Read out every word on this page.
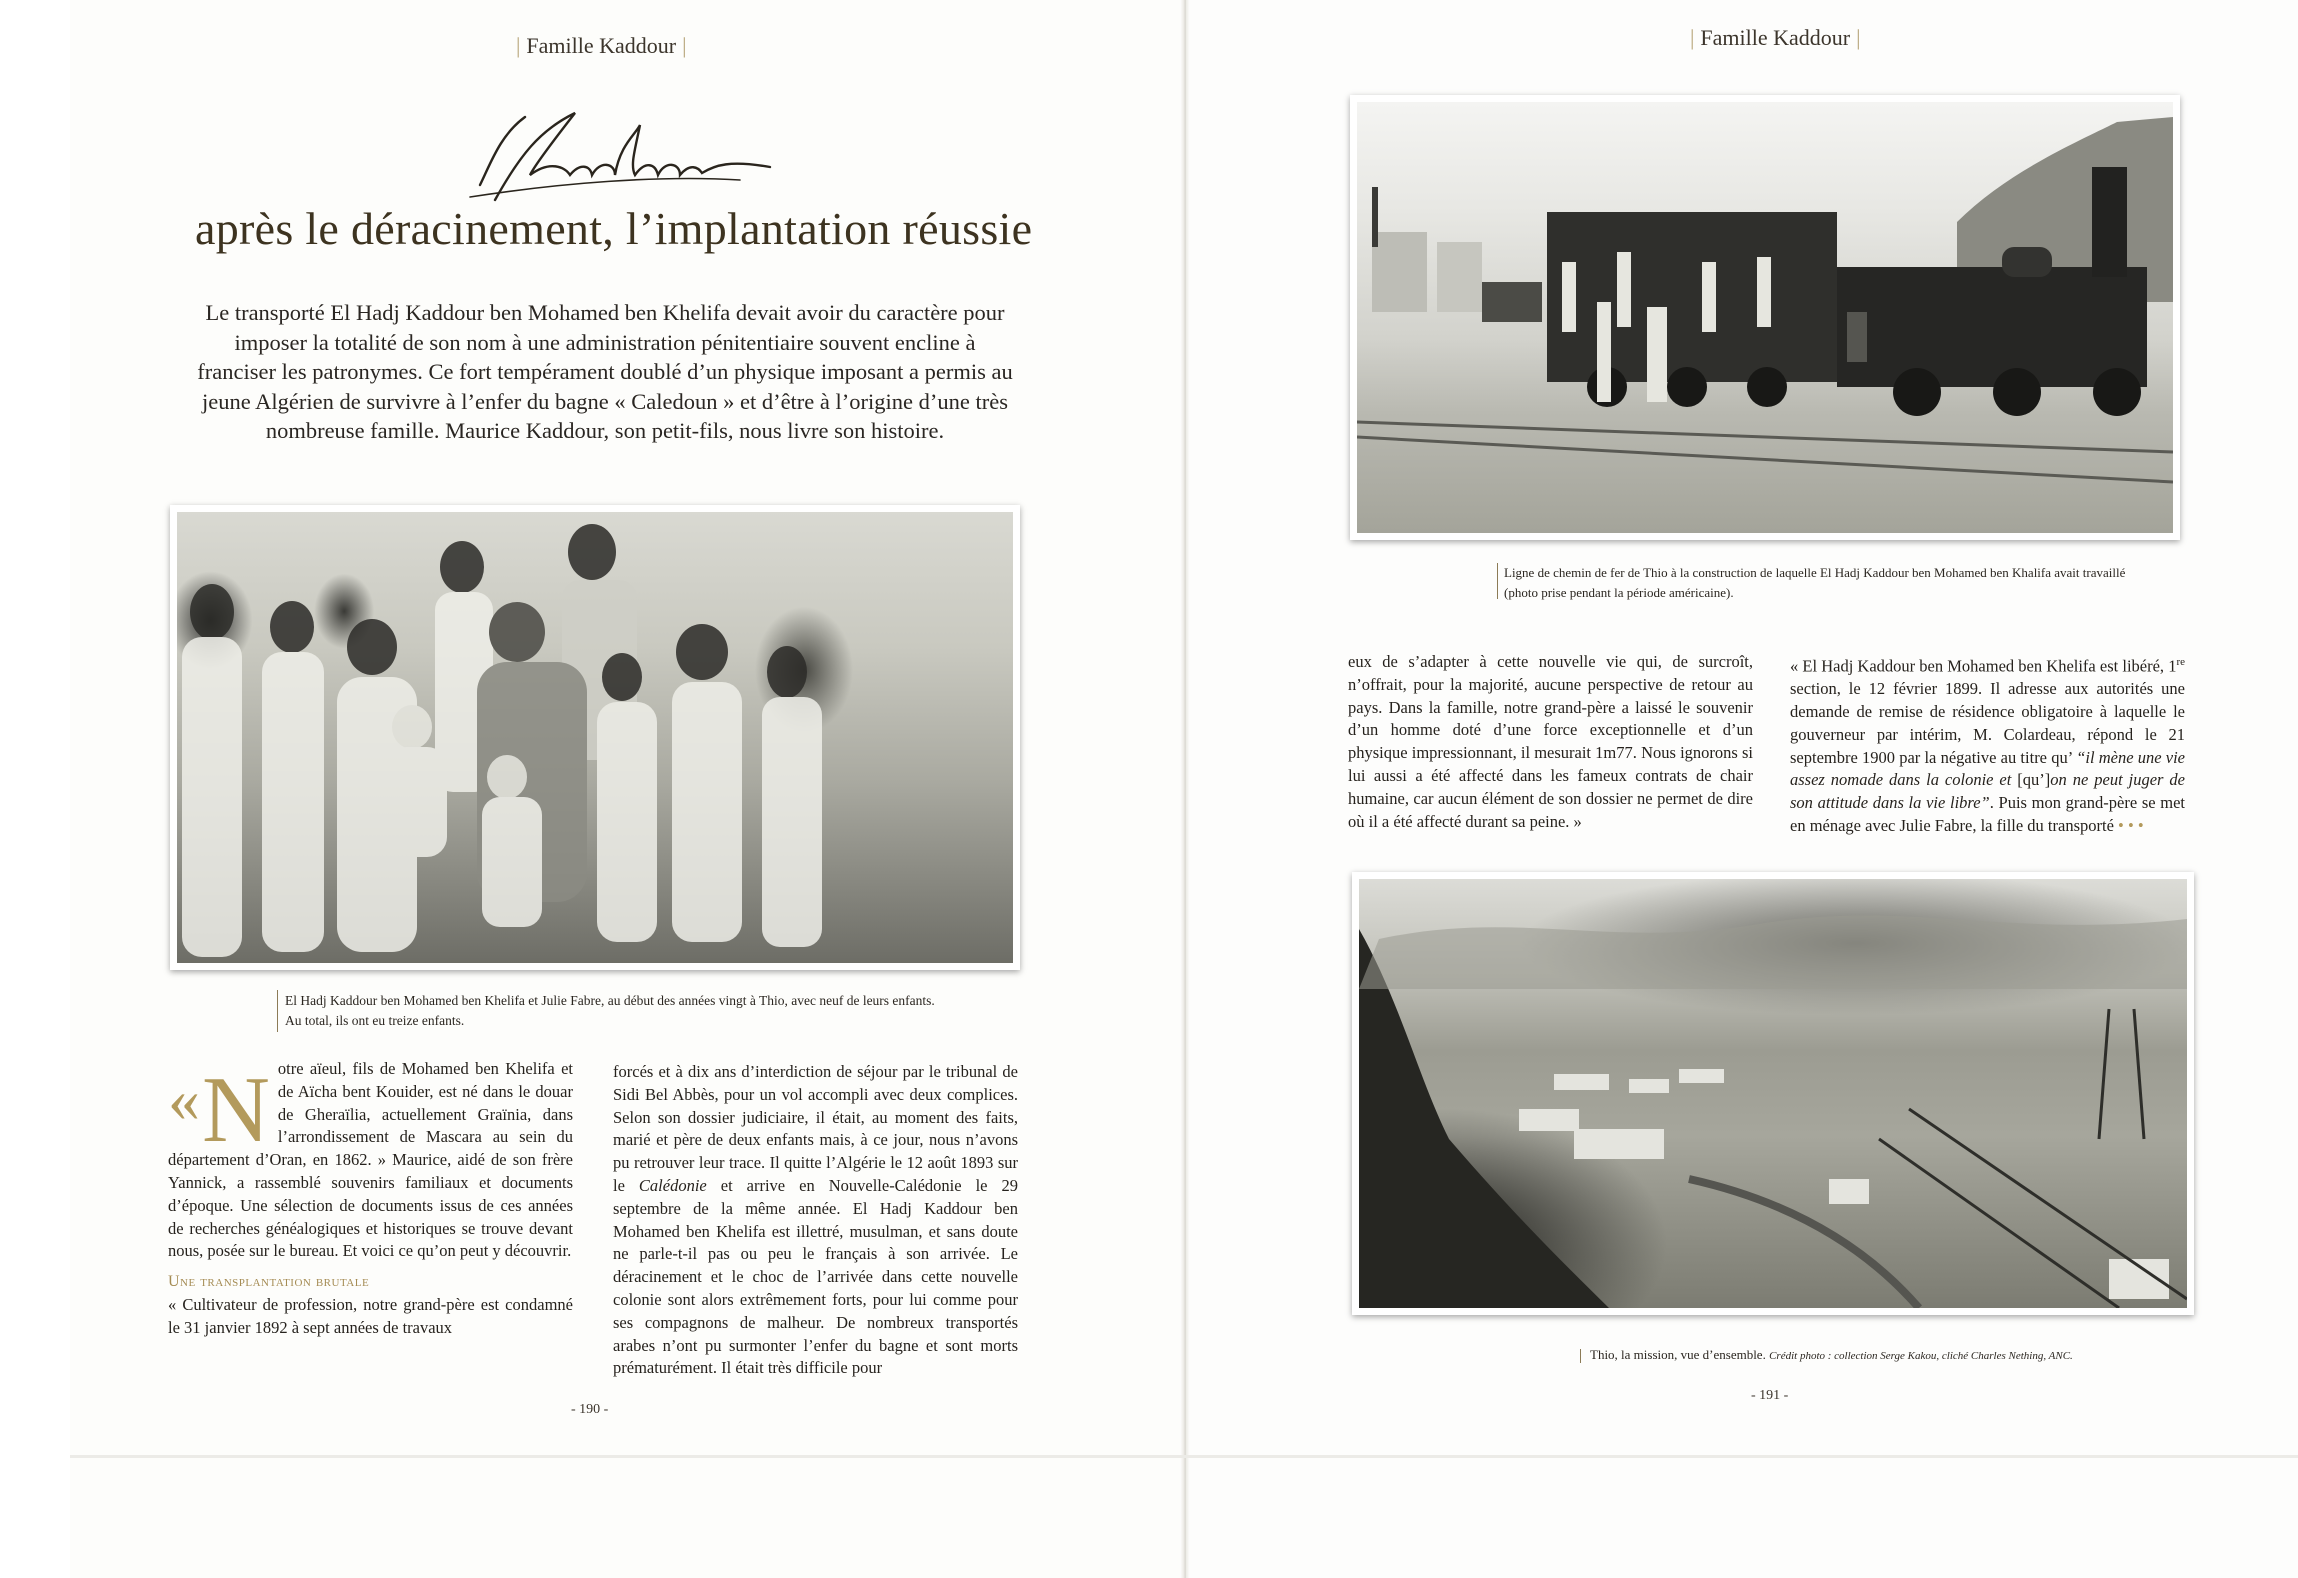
| Famille Kaddour |
après le déracinement, l’implantation réussie

Le transporté El Hadj Kaddour ben Mohamed ben Khelifa devait avoir du caractère pour imposer la totalité de son nom à une administration pénitentiaire souvent encline à franciser les patronymes. Ce fort tempérament doublé d’un physique imposant a permis au jeune Algérien de survivre à l’enfer du bagne « Caledoun » et d’être à l’origine d’une très nombreuse famille. Maurice Kaddour, son petit-fils, nous livre son histoire.

El Hadj Kaddour ben Mohamed ben Khelifa et Julie Fabre, au début des années vingt à Thio, avec neuf de leurs enfants.
Au total, ils ont eu treize enfants.
«N otre aïeul, fils de Mohamed ben Khelifa et de Aïcha bent Kouider, est né dans le douar de Gheraïlia, actuellement Graïnia, dans l’arrondissement de Mascara au sein du département d’Oran, en 1862. » Maurice, aidé de son frère Yannick, a rassemblé souvenirs familiaux et documents d’époque. Une sélection de documents issus de ces années de recherches généalogiques et historiques se trouve devant nous, posée sur le bureau. Et voici ce qu’on peut y découvrir.
Une transplantation brutale
« Cultivateur de profession, notre grand-père est condamné le 31 janvier 1892 à sept années de travaux
forcés et à dix ans d’interdiction de séjour par le tribunal de Sidi Bel Abbès, pour un vol accompli avec deux complices. Selon son dossier judiciaire, il était, au moment des faits, marié et père de deux enfants mais, à ce jour, nous n’avons pu retrouver leur trace. Il quitte l’Algérie le 12 août 1893 sur le Calédonie et arrive en Nouvelle-Calédonie le 29 septembre de la même année. El Hadj Kaddour ben Mohamed ben Khelifa est illettré, musulman, et sans doute ne parle-t-il pas ou peu le français à son arrivée. Le déracinement et le choc de l’arrivée dans cette nouvelle colonie sont alors extrêmement forts, pour lui comme pour ses compagnons de malheur. De nombreux transportés arabes n’ont pu surmonter l’enfer du bagne et sont morts prématurément. Il était très difficile pour
- 190 -
| Famille Kaddour |
Ligne de chemin de fer de Thio à la construction de laquelle El Hadj Kaddour ben Mohamed ben Khalifa avait travaillé
(photo prise pendant la période américaine).
eux de s’adapter à cette nouvelle vie qui, de surcroît, n’offrait, pour la majorité, aucune perspective de retour au pays. Dans la famille, notre grand-père a laissé le souvenir d’un homme doté d’une force exceptionnelle et d’un physique impressionnant, il mesurait 1m77. Nous ignorons si lui aussi a été affecté dans les fameux contrats de chair humaine, car aucun élément de son dossier ne permet de dire où il a été affecté durant sa peine. »
« El Hadj Kaddour ben Mohamed ben Khelifa est libéré, 1re section, le 12 février 1899. Il adresse aux autorités une demande de remise de résidence obligatoire à laquelle le gouverneur par intérim, M. Colardeau, répond le 21 septembre 1900 par la négative au titre qu’ “il mène une vie assez nomade dans la colonie et [qu’]on ne peut juger de son attitude dans la vie libre”. Puis mon grand-père se met en ménage avec Julie Fabre, la fille du transporté • • •
Thio, la mission, vue d’ensemble. Crédit photo : collection Serge Kakou, cliché Charles Nething, ANC.
- 191 -
